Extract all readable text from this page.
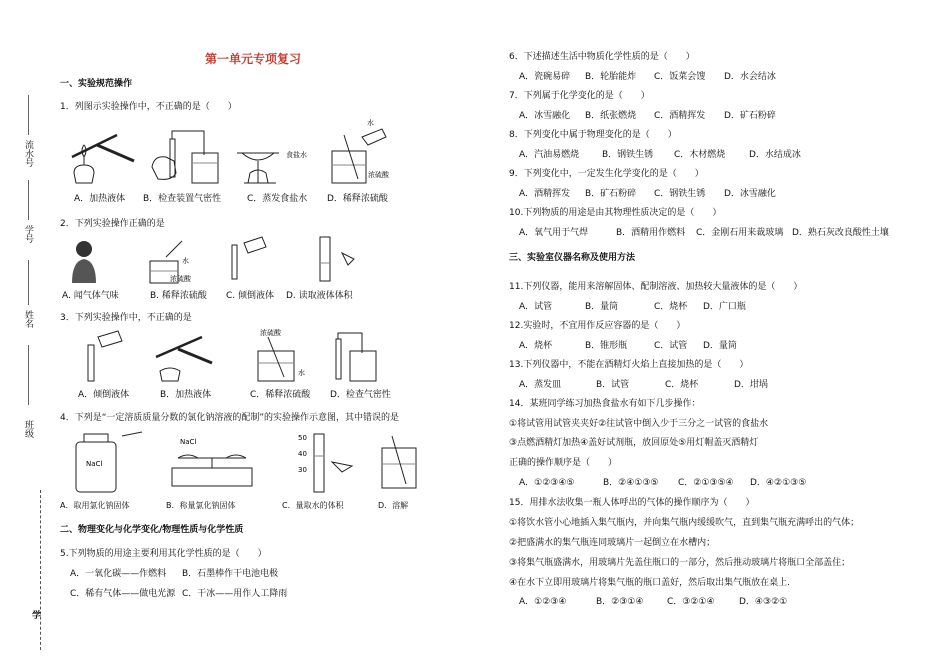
流水号
学号
姓名
班级
学
第一单元专项复习
一、实验规范操作
1．列图示实验操作中，不正确的是（　　）
食盐水
浓硫酸
水
A．加热液体 B．检查装置气密性	C．蒸发食盐水 D．稀释浓硫酸
2．下列实验操作正确的是
水
浓硫酸
A. 闻气体气味	B. 稀释浓硫酸 C. 倾倒液体 D. 读取液体体积
3．下列实验操作中，不正确的是
浓硫酸
水
A．倾倒液体	B．加热液体	C．稀释浓硫酸 D．检查气密性
4．下列是“一定溶质质量分数的氯化钠溶液的配制”的实验操作示意图，其中错误的是
NaCl
NaCl	50
40
30
A．取用氯化钠固体	B．称量氯化钠固体	C．量取水的体积	D．溶解
二、物理变化与化学变化/物理性质与化学性质
5.下列物质的用途主要利用其化学性质的是（　　）
A．一氧化碳——作燃料 B．石墨棒作干电池电极
C．稀有气体——做电光源 C．干冰——用作人工降雨
6．下述描述生活中物质化学性质的是（　　）
A．瓷碗易碎 B．轮胎能炸 C．饭菜会馊 D．水会结冰
7．下列属于化学变化的是（　　）
A．冰雪融化 B．纸张燃烧 C．酒精挥发 D．矿石粉碎
8．下列变化中属于物理变化的是（　　）
A．汽油易燃烧	B．钢铁生锈 C．木材燃烧	D．水结成冰
9．下列变化中，一定发生化学变化的是（　　）
A．酒精挥发 B．矿石粉碎 C．钢铁生锈 D．冰雪融化
10.下列物质的用途是由其物理性质决定的是（　　）
A．氧气用于气焊	B．酒精用作燃料 C．金刚石用来裁玻璃 D．熟石灰改良酸性土壤
三、实验室仪器名称及使用方法
11.下列仪器，能用来溶解固体、配制溶液、加热较大量液体的是（　　）
A．试管	B．量筒	C．烧杯 D．广口瓶
12.实验时，不宜用作反应容器的是（　　）
A．烧杯	B．锥形瓶	C．试管 D．量筒
13.下列仪器中，不能在酒精灯火焰上直接加热的是（　　）
A．蒸发皿	B．试管	C．烧杯	D．坩埚
14．某班同学练习加热食盐水有如下几步操作：
①将试管用试管夹夹好②往试管中倒入少于三分之一试管的食盐水
③点燃酒精灯加热④盖好试剂瓶，放回原处⑤用灯帽盖灭酒精灯
正确的操作顺序是（　　）
A．①②③④⑤	B．②④①③⑤ C．②①③⑤④ D．④②①③⑤
15．用排水法收集一瓶人体呼出的气体的操作顺序为（　　）
①将饮水管小心地插入集气瓶内，并向集气瓶内缓缓吹气，直到集气瓶充满呼出的气体；
②把盛满水的集气瓶连同玻璃片一起倒立在水槽内；
③将集气瓶盛满水，用玻璃片先盖住瓶口的一部分，然后推动玻璃片将瓶口全部盖住；
④在水下立即用玻璃片将集气瓶的瓶口盖好，然后取出集气瓶放在桌上.
A．①②③④	B．②③①④	C．③②①④	D．④③②①
